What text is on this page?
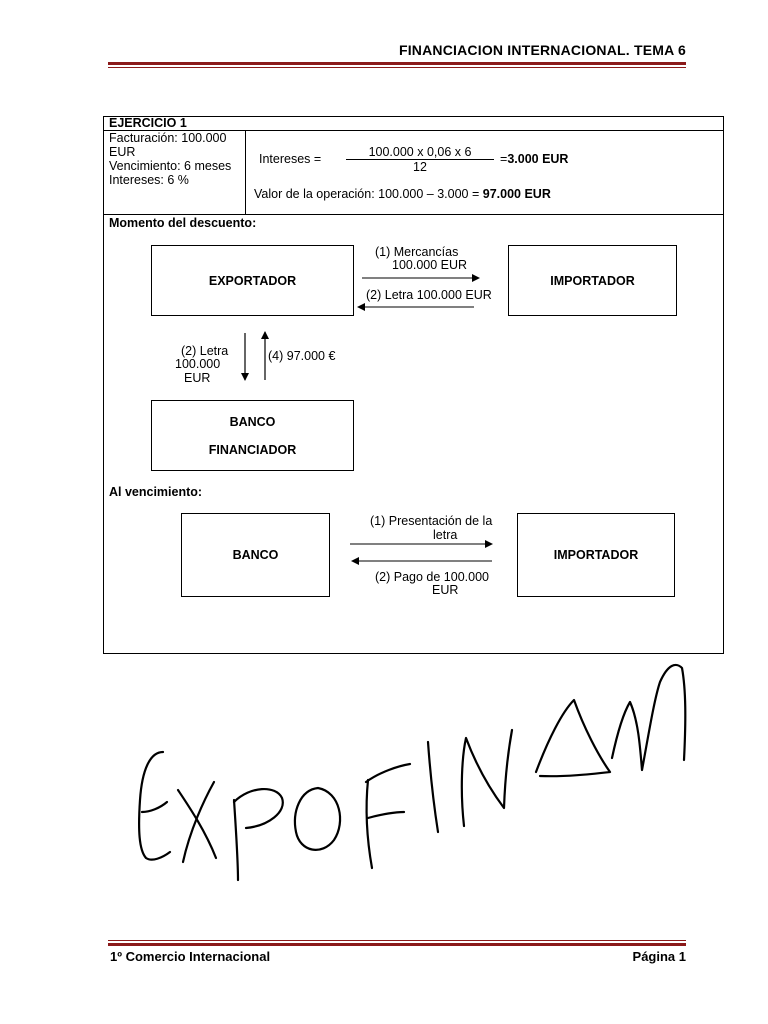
FINANCIACION INTERNACIONAL. TEMA 6
EJERCICIO 1
Facturación: 100.000
EUR
Vencimiento: 6 meses
Intereses: 6 %
Intereses =	100.000 x 0,06 x 6
12
=3.000 EUR
Valor de la operación: 100.000 – 3.000 = 97.000 EUR
Momento del descuento:
EXPORTADOR	IMPORTADOR
(1) Mercancías
100.000 EUR
(2) Letra 100.000 EUR
BANCO
FINANCIADOR
(2) Letra
100.000
EUR
(4) 97.000 €
Al vencimiento:
BANCO	IMPORTADOR
(1) Presentación de la
letra
(2) Pago de 100.000
EUR
1º Comercio Internacional	Página 1
